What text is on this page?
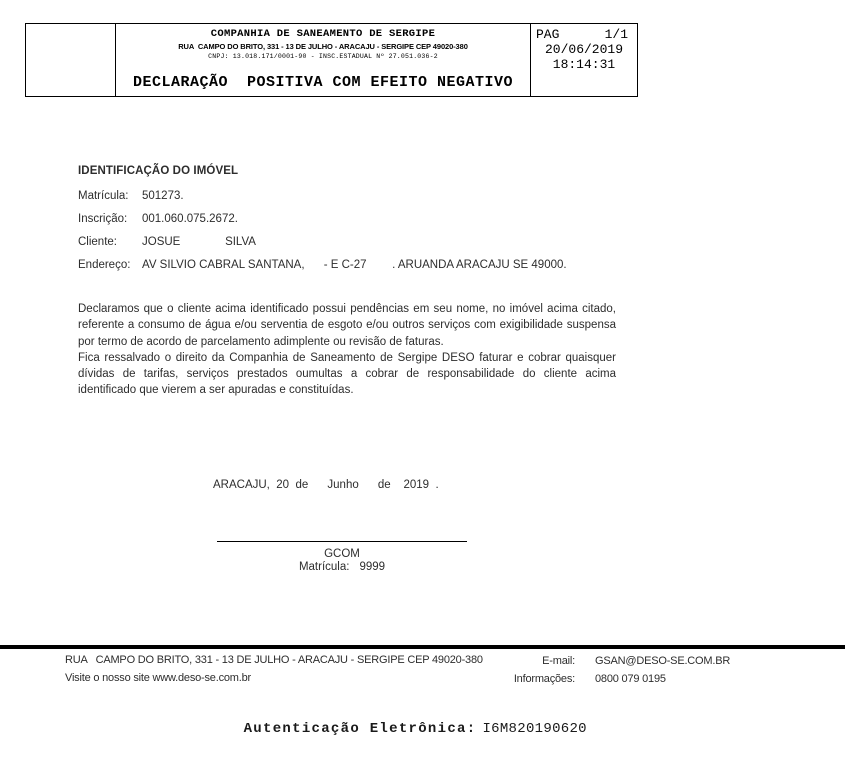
COMPANHIA DE SANEAMENTO DE SERGIPE
RUA  CAMPO DO BRITO, 331 - 13 DE JULHO - ARACAJU - SERGIPE CEP 49020-380
CNPJ: 13.018.171/0001-90 - INSC.ESTADUAL Nº 27.051.036-2
DECLARAÇÃO  POSITIVA COM EFEITO NEGATIVO
PAG	1/1
20/06/2019
18:14:31
IDENTIFICAÇÃO DO IMÓVEL
Matrícula:	501273.
Inscrição:	001.060.075.2672.
Cliente:	JOSUE              SILVA
Endereço:	AV SILVIO CABRAL SANTANA,      - E C-27        . ARUANDA ARACAJU SE 49000.

Declaramos que o cliente acima identificado possui pendências em seu nome, no imóvel acima citado, referente a consumo de água e/ou serventia de esgoto e/ou outros serviços com exigibilidade suspensa por termo de acordo de parcelamento adimplente ou revisão de faturas.

Fica ressalvado o direito da Companhia de Saneamento de Sergipe DESO faturar e cobrar quaisquer dívidas de tarifas, serviços prestados oumultas a cobrar de responsabilidade do cliente acima identificado que vierem a ser apuradas e constituídas.

ARACAJU,  20  de      Junho      de    2019  .
GCOM
Matrícula: 9999
RUA   CAMPO DO BRITO, 331 - 13 DE JULHO - ARACAJU - SERGIPE CEP 49020-380
Visite o nosso site www.deso-se.com.br
E-mail: GSAN@DESO-SE.COM.BR
Informações: 0800 079 0195

Autenticação Eletrônica: I6M820190620
